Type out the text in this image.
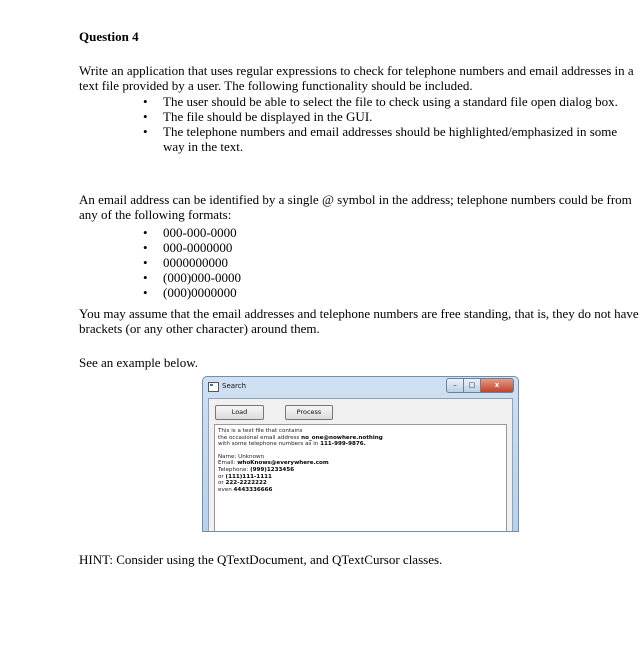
Question 4

Write an application that uses regular expressions to check for telephone numbers and email addresses in a text file provided by a user. The following functionality should be included.

• The user should be able to select the file to check using a standard file open dialog box.
• The file should be displayed in the GUI.
• The telephone numbers and email addresses should be highlighted/emphasized in some way in the text.

An email address can be identified by a single @ symbol in the address; telephone numbers could be from any of the following formats:

• 000-000-0000
• 000-0000000
• 0000000000
• (000)000-0000
• (000)0000000

You may assume that the email addresses and telephone numbers are free standing, that is, they do not have brackets (or any other character) around them.

See an example below.

HINT: Consider using the QTextDocument, and QTextCursor classes.

Search	–	□	x
Load	Process
This is a text file that contains
the occasional email address no_one@nowhere.nothing
with some telephone numbers as in 111-999-9876.
Name: Unknown
Email: whoKnows@everywhere.com
Telephone: (999)1233456
or (111)111-1111
or 222-2222222
even 4443336666
